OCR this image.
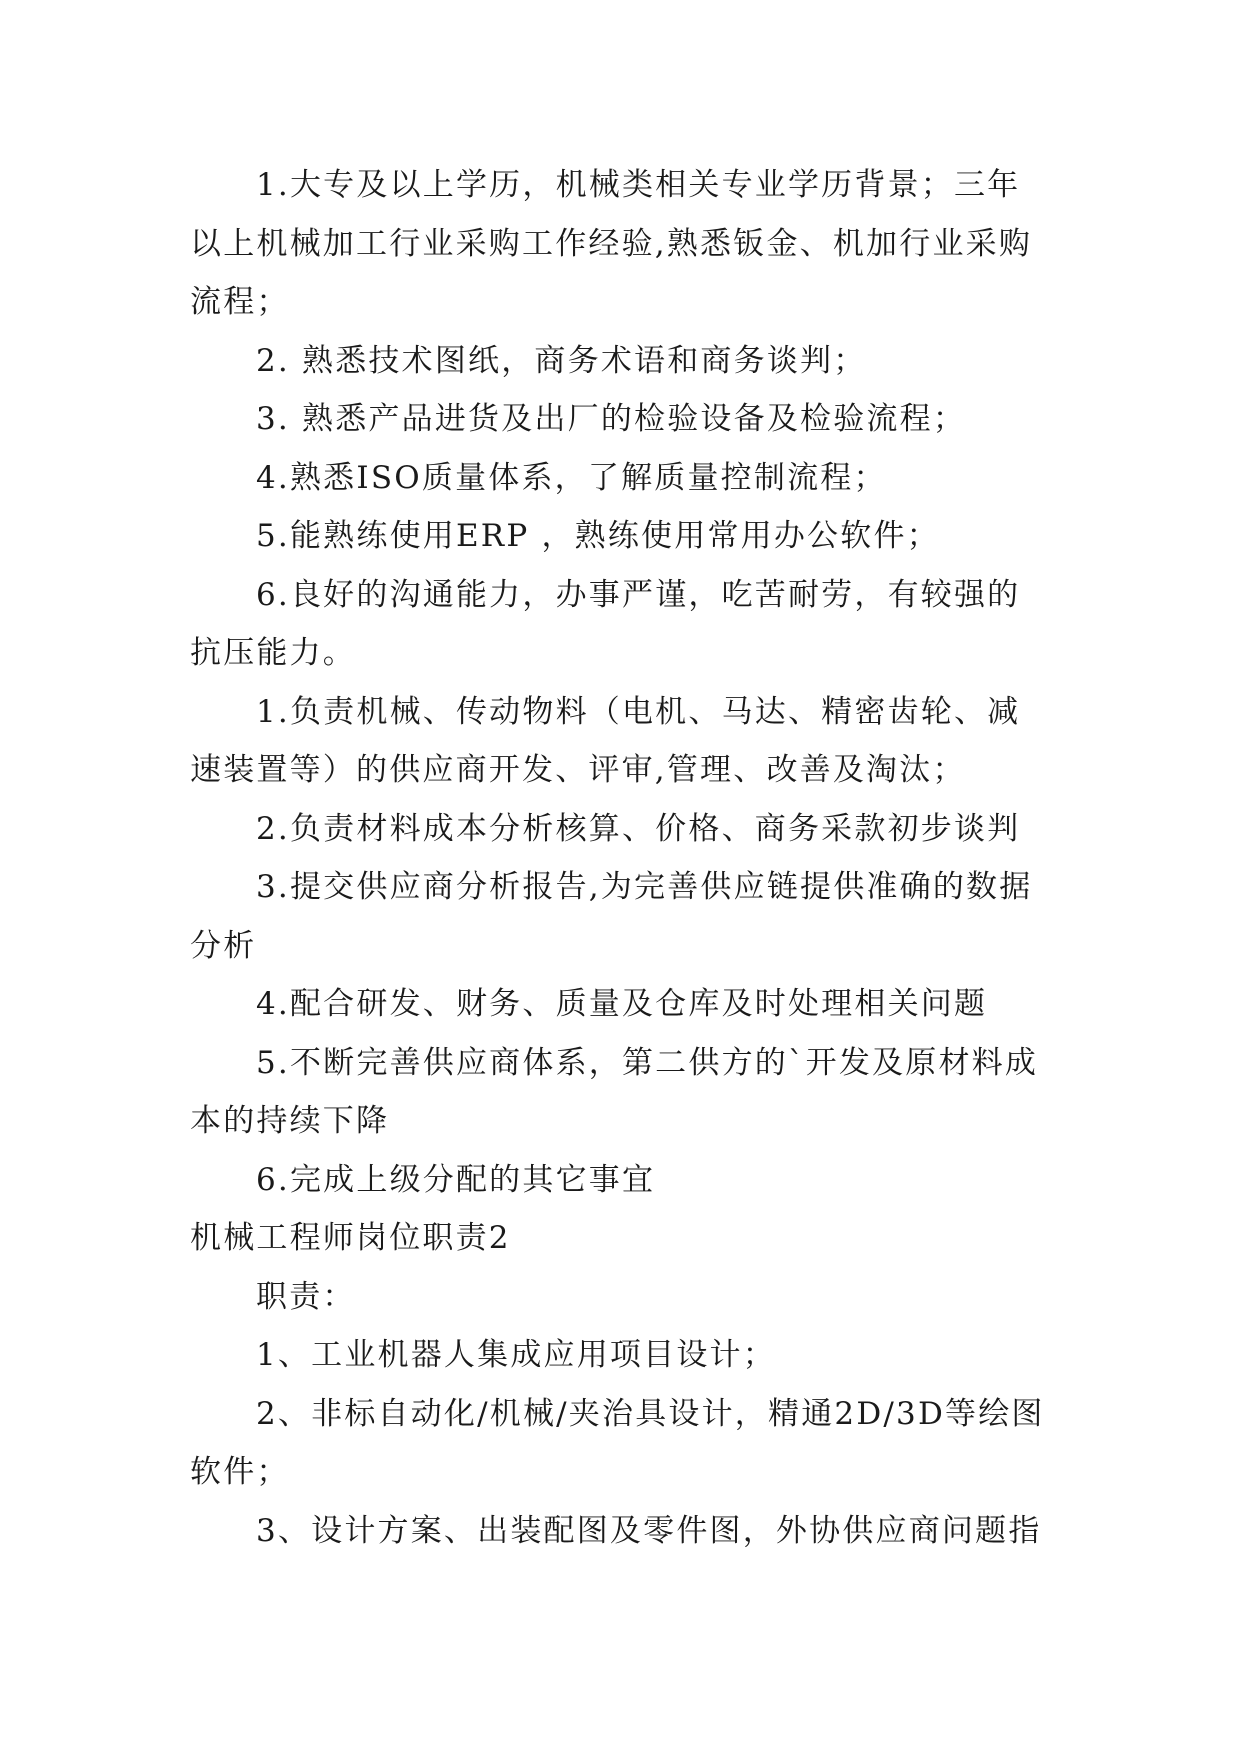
1.大专及以上学历，机械类相关专业学历背景；三年以上机械加工行业采购工作经验,熟悉钣金、机加行业采购流程；

2. 熟悉技术图纸，商务术语和商务谈判；

3. 熟悉产品进货及出厂的检验设备及检验流程；

4.熟悉ISO质量体系，了解质量控制流程；

5.能熟练使用ERP ，熟练使用常用办公软件；

6.良好的沟通能力，办事严谨，吃苦耐劳，有较强的抗压能力。

1.负责机械、传动物料（电机、马达、精密齿轮、减速装置等）的供应商开发、评审,管理、改善及淘汰；

2.负责材料成本分析核算、价格、商务采款初步谈判

3.提交供应商分析报告,为完善供应链提供准确的数据分析

4.配合研发、财务、质量及仓库及时处理相关问题

5.不断完善供应商体系，第二供方的`开发及原材料成本的持续下降

6.完成上级分配的其它事宜

机械工程师岗位职责2

职责：

1、工业机器人集成应用项目设计；

2、非标自动化/机械/夹治具设计，精通2D/3D等绘图软件；

3、设计方案、出装配图及零件图，外协供应商问题指
